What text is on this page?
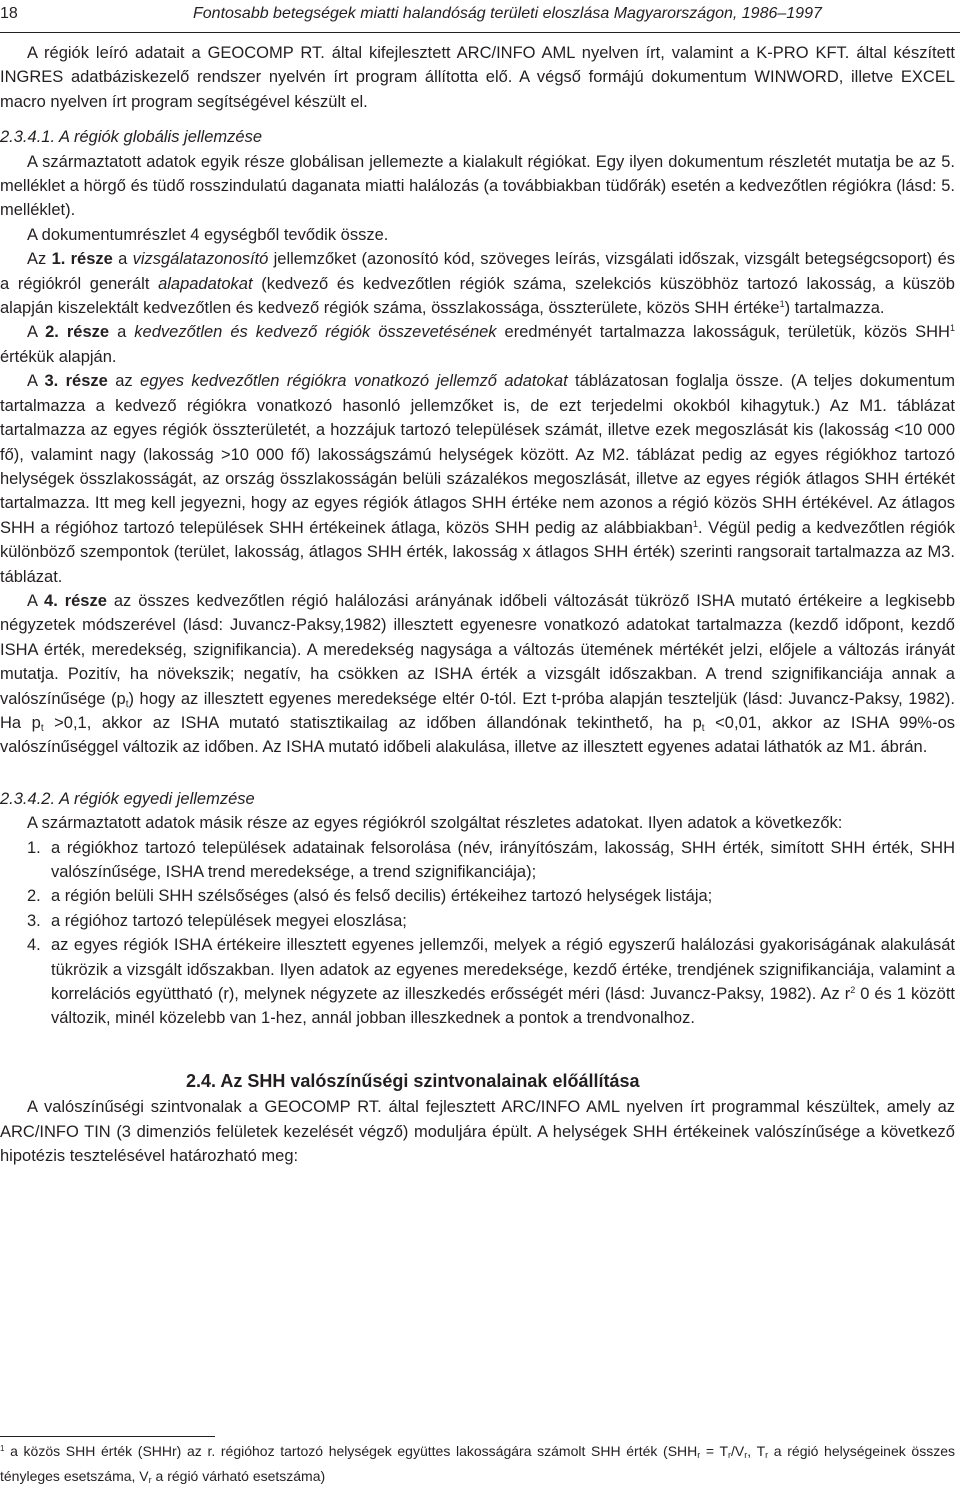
18	Fontosabb betegségek miatti halandóság területi eloszlása Magyarországon, 1986–1997

A régiók leíró adatait a GEOCOMP RT. által kifejlesztett ARC/INFO AML nyelven írt, valamint a K-PRO KFT. által készített INGRES adatbáziskezelő rendszer nyelvén írt program állította elő. A végső formájú dokumentum WINWORD, illetve EXCEL macro nyelven írt program segítségével készült el.

2.3.4.1. A régiók globális jellemzése

A származtatott adatok egyik része globálisan jellemezte a kialakult régiókat. Egy ilyen dokumentum részletét mutatja be az 5. melléklet a hörgő és tüdő rosszindulatú daganata miatti halálozás (a továbbiakban tüdőrák) esetén a kedvezőtlen régiókra (lásd: 5. melléklet).

A dokumentumrészlet 4 egységből tevődik össze.

Az 1. része a vizsgálatazonosító jellemzőket (azonosító kód, szöveges leírás, vizsgálati időszak, vizsgált betegségcsoport) és a régiókról generált alapadatokat (kedvező és kedvezőtlen régiók száma, szelekciós küszöbhöz tartozó lakosság, a küszöb alapján kiszelektált kedvezőtlen és kedvező régiók száma, összlakossága, összterülete, közös SHH értéke$^1$) tartalmazza.

A 2. része a kedvezőtlen és kedvező régiók összevetésének eredményét tartalmazza lakosságuk, területük, közös SHH$^1$ értékük alapján.

A 3. része az egyes kedvezőtlen régiókra vonatkozó jellemző adatokat táblázatosan foglalja össze. (A teljes dokumentum tartalmazza a kedvező régiókra vonatkozó hasonló jellemzőket is, de ezt terjedelmi okokból kihagytuk.) Az M1. táblázat tartalmazza az egyes régiók összterületét, a hozzájuk tartozó települések számát, illetve ezek megoszlását kis (lakosság <10 000 fő), valamint nagy (lakosság >10 000 fő) lakosságszámú helységek között. Az M2. táblázat pedig az egyes régiókhoz tartozó helységek összlakosságát, az ország összlakosságán belüli százalékos megoszlását, illetve az egyes régiók átlagos SHH értékét tartalmazza. Itt meg kell jegyezni, hogy az egyes régiók átlagos SHH értéke nem azonos a régió közös SHH értékével. Az átlagos SHH a régióhoz tartozó települések SHH értékeinek átlaga, közös SHH pedig az alábbiakban$^1$. Végül pedig a kedvezőtlen régiók különböző szempontok (terület, lakosság, átlagos SHH érték, lakosság x átlagos SHH érték) szerinti rangsorait tartalmazza az M3. táblázat.

A 4. része az összes kedvezőtlen régió halálozási arányának időbeli változását tükröző ISHA mutató értékeire a legkisebb négyzetek módszerével (lásd: Juvancz-Paksy,1982) illesztett egyenesre vonatkozó adatokat tartalmazza (kezdő időpont, kezdő ISHA érték, meredekség, szignifikancia). A meredekség nagysága a változás ütemének mértékét jelzi, előjele a változás irányát mutatja. Pozitív, ha növekszik; negatív, ha csökken az ISHA érték a vizsgált időszakban. A trend szignifikanciája annak a valószínűsége $(p_t)$ hogy az illesztett egyenes meredeksége eltér 0-tól. Ezt t-próba alapján teszteljük (lásd: Juvancz-Paksy, 1982). Ha $p_t >0,1$, akkor az ISHA mutató statisztikailag az időben állandónak tekinthető, ha $p_t <0,01$, akkor az ISHA 99%-os valószínűséggel változik az időben. Az ISHA mutató időbeli alakulása, illetve az illesztett egyenes adatai láthatók az M1. ábrán.

2.3.4.2. A régiók egyedi jellemzése

A származtatott adatok másik része az egyes régiókról szolgáltat részletes adatokat. Ilyen adatok a következők:

1. a régiókhoz tartozó települések adatainak felsorolása (név, irányítószám, lakosság, SHH érték, simított SHH érték, SHH valószínűsége, ISHA trend meredeksége, a trend szignifikanciája);
2. a régión belüli SHH szélsőséges (alsó és felső decilis) értékeihez tartozó helységek listája;
3. a régióhoz tartozó települések megyei eloszlása;
4. az egyes régiók ISHA értékeire illesztett egyenes jellemzői, melyek a régió egyszerű halálozási gyakoriságának alakulását tükrözik a vizsgált időszakban. Ilyen adatok az egyenes meredeksége, kezdő értéke, trendjének szignifikanciája, valamint a korrelációs együttható (r), melynek négyzete az illeszkedés erősségét méri (lásd: Juvancz-Paksy, 1982). Az $r^2$ 0 és 1 között változik, minél közelebb van 1-hez, annál jobban illeszkednek a pontok a trendvonalhoz.

2.4. Az SHH valószínűségi szintvonalainak előállítása

A valószínűségi szintvonalak a GEOCOMP RT. által fejlesztett ARC/INFO AML nyelven írt programmal készültek, amely az ARC/INFO TIN (3 dimenziós felületek kezelését végző) moduljára épült. A helységek SHH értékeinek valószínűsége a következő hipotézis tesztelésével határozható meg:

$^1$ a közös SHH érték (SHHr) az r. régióhoz tartozó helységek együttes lakosságára számolt SHH érték ($SHH_r = T_r/V_r$, $T_r$ a régió helységeinek összes tényleges esetszáma, $V_r$ a régió várható esetszáma)
